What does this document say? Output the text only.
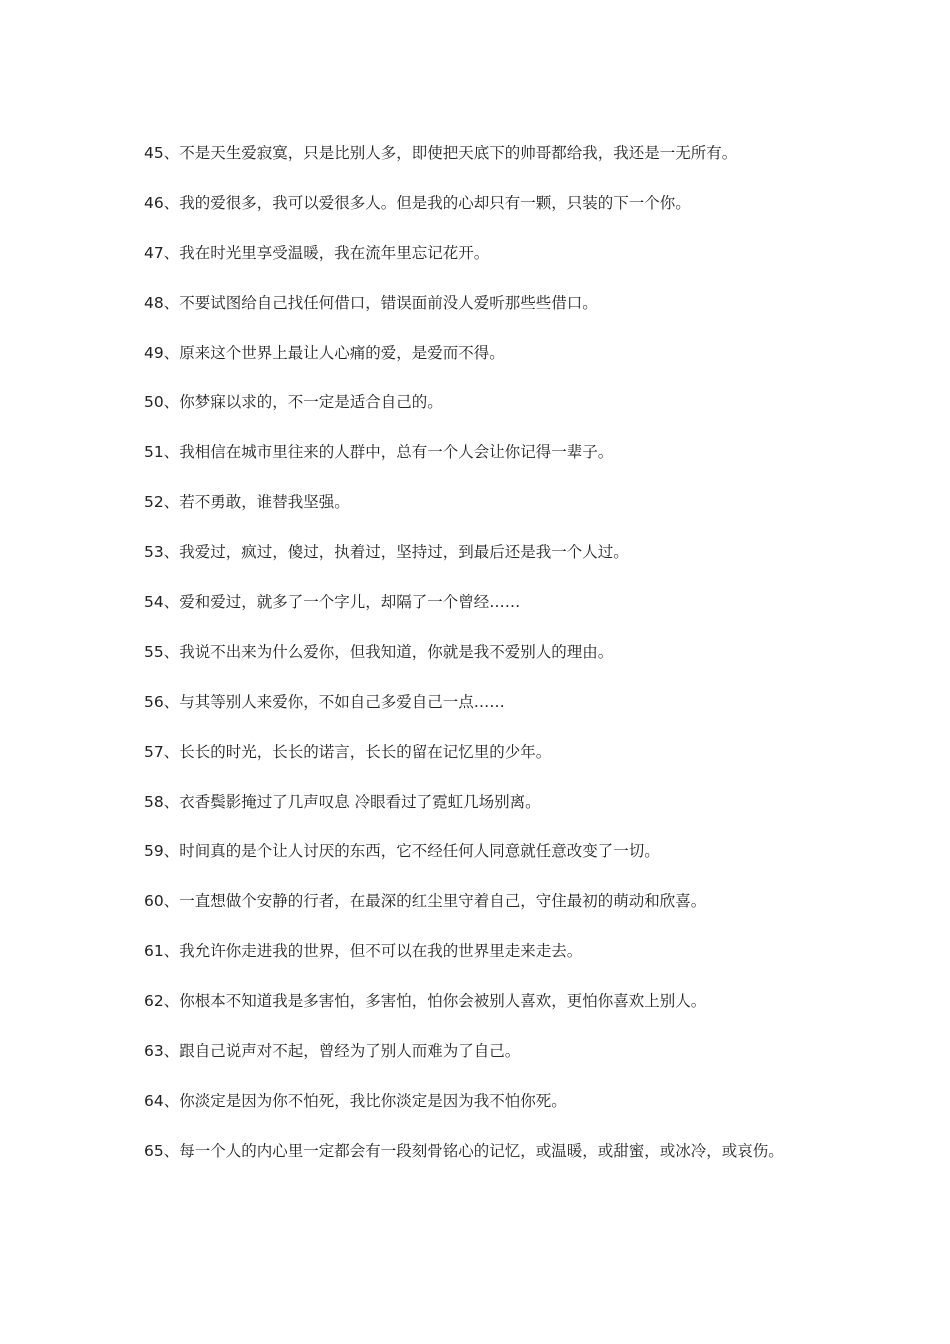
45、不是天生爱寂寞，只是比别人多，即使把天底下的帅哥都给我，我还是一无所有。

46、我的爱很多，我可以爱很多人。但是我的心却只有一颗，只装的下一个你。

47、我在时光里享受温暖，我在流年里忘记花开。

48、不要试图给自己找任何借口，错误面前没人爱听那些些借口。

49、原来这个世界上最让人心痛的爱，是爱而不得。

50、你梦寐以求的，不一定是适合自己的。

51、我相信在城市里往来的人群中，总有一个人会让你记得一辈子。

52、若不勇敢，谁替我坚强。

53、我爱过，疯过，傻过，执着过，坚持过，到最后还是我一个人过。

54、爱和爱过，就多了一个字儿，却隔了一个曾经……

55、我说不出来为什么爱你，但我知道，你就是我不爱别人的理由。

56、与其等别人来爱你，不如自己多爱自己一点……

57、长长的时光，长长的诺言，长长的留在记忆里的少年。

58、衣香鬓影掩过了几声叹息 冷眼看过了霓虹几场别离。

59、时间真的是个让人讨厌的东西，它不经任何人同意就任意改变了一切。

60、一直想做个安静的行者，在最深的红尘里守着自己，守住最初的萌动和欣喜。

61、我允许你走进我的世界，但不可以在我的世界里走来走去。

62、你根本不知道我是多害怕，多害怕，怕你会被别人喜欢，更怕你喜欢上别人。

63、跟自己说声对不起，曾经为了别人而难为了自己。

64、你淡定是因为你不怕死，我比你淡定是因为我不怕你死。

65、每一个人的内心里一定都会有一段刻骨铭心的记忆，或温暖，或甜蜜，或冰冷，或哀伤。
